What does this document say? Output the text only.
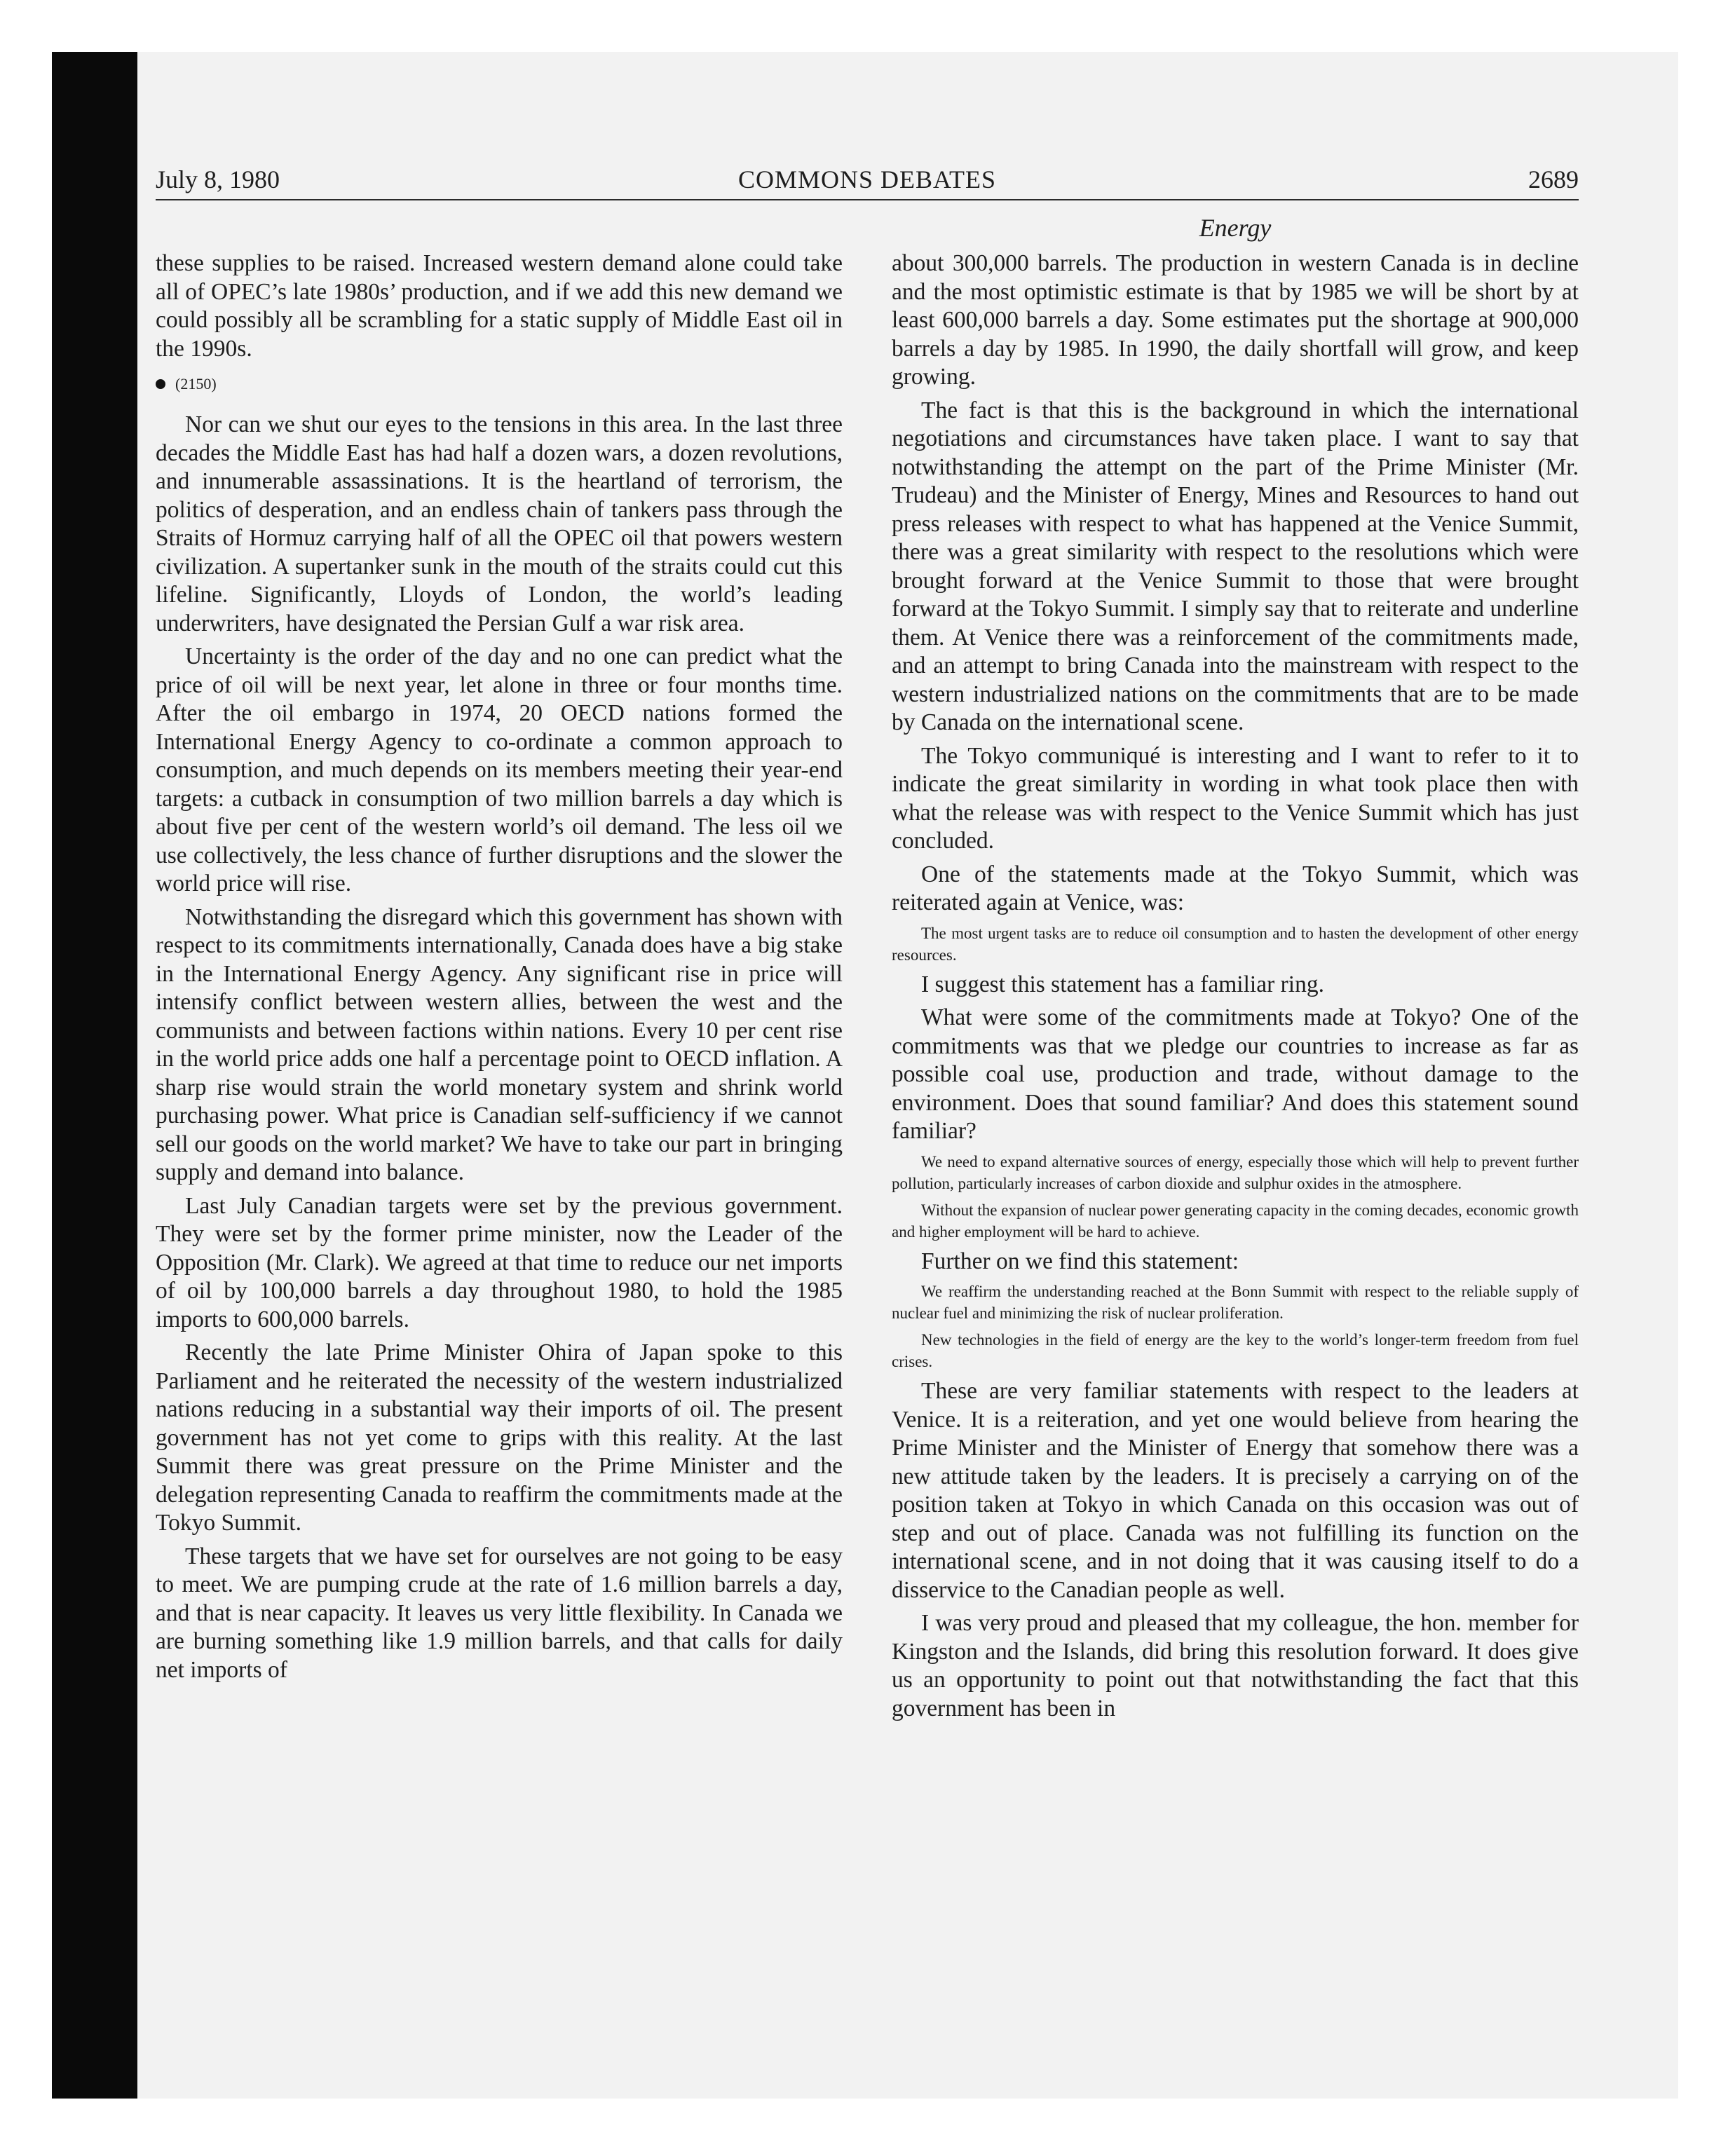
July 8, 1980	COMMONS DEBATES	2689
Energy

these supplies to be raised. Increased western demand alone could take all of OPEC’s late 1980s’ production, and if we add this new demand we could possibly all be scrambling for a static supply of Middle East oil in the 1990s.

(2150)

Nor can we shut our eyes to the tensions in this area. In the last three decades the Middle East has had half a dozen wars, a dozen revolutions, and innumerable assassinations. It is the heartland of terrorism, the politics of desperation, and an endless chain of tankers pass through the Straits of Hormuz carrying half of all the OPEC oil that powers western civilization. A supertanker sunk in the mouth of the straits could cut this lifeline. Significantly, Lloyds of London, the world’s leading underwriters, have designated the Persian Gulf a war risk area.

Uncertainty is the order of the day and no one can predict what the price of oil will be next year, let alone in three or four months time. After the oil embargo in 1974, 20 OECD nations formed the International Energy Agency to co-ordinate a common approach to consumption, and much depends on its members meeting their year-end targets: a cutback in consumption of two million barrels a day which is about five per cent of the western world’s oil demand. The less oil we use collectively, the less chance of further disruptions and the slower the world price will rise.

Notwithstanding the disregard which this government has shown with respect to its commitments internationally, Canada does have a big stake in the International Energy Agency. Any significant rise in price will intensify conflict between western allies, between the west and the communists and between factions within nations. Every 10 per cent rise in the world price adds one half a percentage point to OECD inflation. A sharp rise would strain the world monetary system and shrink world purchasing power. What price is Canadian self-sufficiency if we cannot sell our goods on the world market? We have to take our part in bringing supply and demand into balance.

Last July Canadian targets were set by the previous government. They were set by the former prime minister, now the Leader of the Opposition (Mr. Clark). We agreed at that time to reduce our net imports of oil by 100,000 barrels a day throughout 1980, to hold the 1985 imports to 600,000 barrels.

Recently the late Prime Minister Ohira of Japan spoke to this Parliament and he reiterated the necessity of the western industrialized nations reducing in a substantial way their imports of oil. The present government has not yet come to grips with this reality. At the last Summit there was great pressure on the Prime Minister and the delegation representing Canada to reaffirm the commitments made at the Tokyo Summit.

These targets that we have set for ourselves are not going to be easy to meet. We are pumping crude at the rate of 1.6 million barrels a day, and that is near capacity. It leaves us very little flexibility. In Canada we are burning something like 1.9 million barrels, and that calls for daily net imports of

about 300,000 barrels. The production in western Canada is in decline and the most optimistic estimate is that by 1985 we will be short by at least 600,000 barrels a day. Some estimates put the shortage at 900,000 barrels a day by 1985. In 1990, the daily shortfall will grow, and keep growing.

The fact is that this is the background in which the international negotiations and circumstances have taken place. I want to say that notwithstanding the attempt on the part of the Prime Minister (Mr. Trudeau) and the Minister of Energy, Mines and Resources to hand out press releases with respect to what has happened at the Venice Summit, there was a great similarity with respect to the resolutions which were brought forward at the Venice Summit to those that were brought forward at the Tokyo Summit. I simply say that to reiterate and underline them. At Venice there was a reinforcement of the commitments made, and an attempt to bring Canada into the mainstream with respect to the western industrialized nations on the commitments that are to be made by Canada on the international scene.

The Tokyo communiqué is interesting and I want to refer to it to indicate the great similarity in wording in what took place then with what the release was with respect to the Venice Summit which has just concluded.

One of the statements made at the Tokyo Summit, which was reiterated again at Venice, was:

The most urgent tasks are to reduce oil consumption and to hasten the development of other energy resources.

I suggest this statement has a familiar ring.

What were some of the commitments made at Tokyo? One of the commitments was that we pledge our countries to increase as far as possible coal use, production and trade, without damage to the environment. Does that sound familiar? And does this statement sound familiar?

We need to expand alternative sources of energy, especially those which will help to prevent further pollution, particularly increases of carbon dioxide and sulphur oxides in the atmosphere.

Without the expansion of nuclear power generating capacity in the coming decades, economic growth and higher employment will be hard to achieve.

Further on we find this statement:

We reaffirm the understanding reached at the Bonn Summit with respect to the reliable supply of nuclear fuel and minimizing the risk of nuclear proliferation.

New technologies in the field of energy are the key to the world’s longer-term freedom from fuel crises.

These are very familiar statements with respect to the leaders at Venice. It is a reiteration, and yet one would believe from hearing the Prime Minister and the Minister of Energy that somehow there was a new attitude taken by the leaders. It is precisely a carrying on of the position taken at Tokyo in which Canada on this occasion was out of step and out of place. Canada was not fulfilling its function on the international scene, and in not doing that it was causing itself to do a disservice to the Canadian people as well.

I was very proud and pleased that my colleague, the hon. member for Kingston and the Islands, did bring this resolution forward. It does give us an opportunity to point out that notwithstanding the fact that this government has been in
